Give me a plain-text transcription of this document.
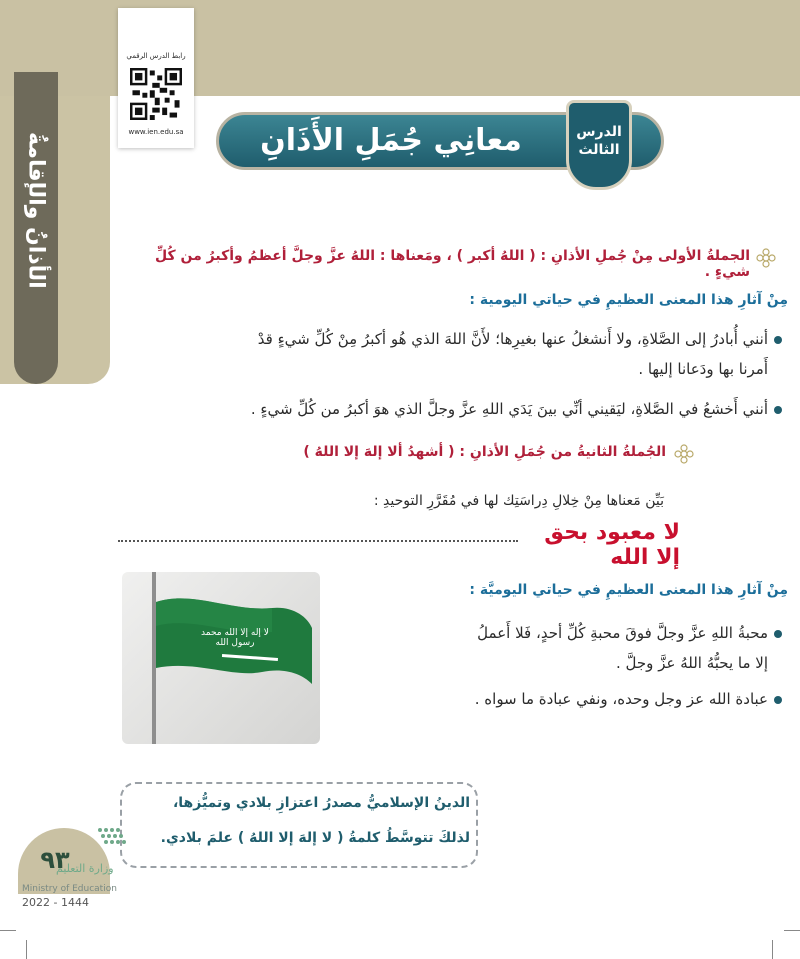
الأذانُ والإقامةُ
رابط الدرس الرقمي
www.ien.edu.sa	معانِي جُمَلِ الأَذَانِ	الدرس
الثالث
الجملةُ الأولى مِنْ جُملِ الأذانِ : ( اللهُ أكبر ) ، ومَعناها : اللهُ عزَّ وجلَّ أعظمُ وأكبرُ من كُلِّ شيءٍ .
مِنْ آثارِ هذا المعنى العظيمِ في حياتي اليومية :
أنني أُبادرُ إلى الصَّلاةِ، ولا أَنشغلُ عنها بغيرِها؛ لأَنَّ اللهَ الذي هُو أكبرُ مِنْ كُلِّ شيءٍ قدْ
أَمرنا بها ودَعانا إليها .
أنني أَخشعُ في الصَّلاةِ، ليَقيني أنِّي بينَ يَدَي اللهِ عزَّ وجلَّ الذي هوَ أكبرُ من كُلِّ شيءٍ .
الجُملةُ الثانيةُ من جُمَلِ الأذانِ : ( أشهدُ ألا إلهَ إلا اللهُ )
بَيِّن مَعناها مِنْ خِلالِ دِراسَتِك لها في مُقَرَّرِ التوحيدِ :
لا معبود بحق إلا الله
لا إله إلا الله محمد رسول الله
مِنْ آثارِ هذا المعنى العظيمِ في حياتي اليوميَّة :
محبةُ اللهِ عزَّ وجلَّ فوقَ محبةِ كُلِّ أحدٍ، فَلا أَعملُ
إلا ما يحبُّهُ اللهُ عزَّ وجلَّ .
عبادة الله عز وجل وحده، ونفي عبادة ما سواه .
الدينُ الإسلاميُّ مصدرُ اعتزازِ بلادي وتميُّزها،
لذلكَ تتوسَّطُ كلمةُ ( لا إلهَ إلا اللهُ ) علمَ بلادي.
٩٣
وزارة التعليم
Ministry of Education
2022 - 1444
